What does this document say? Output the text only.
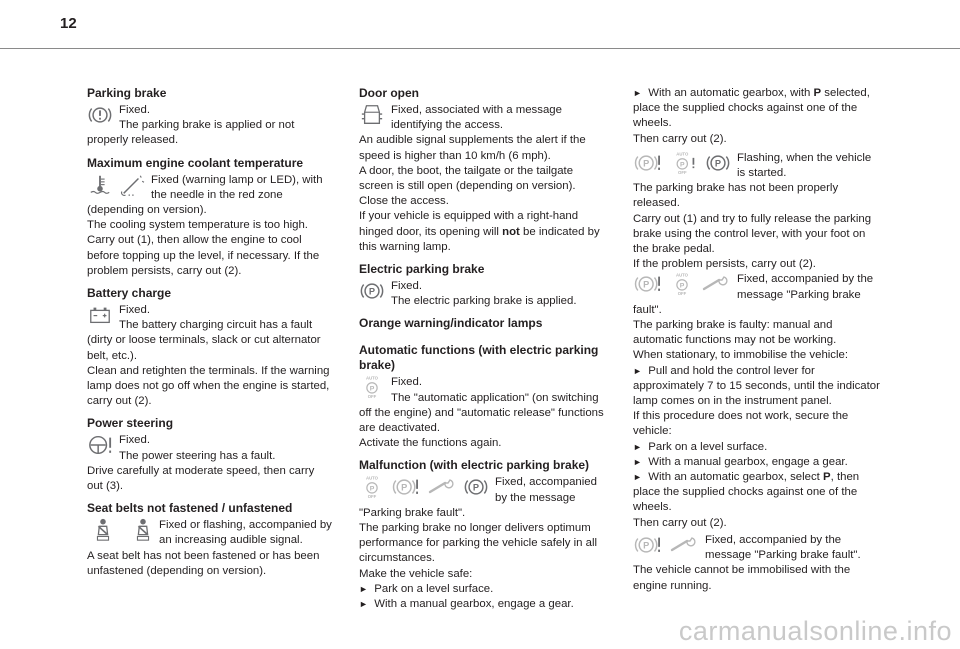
12
Parking brake
Fixed.
The parking brake is applied or not
properly released.
Maximum engine coolant temperature
Fixed (warning lamp or LED), with
the needle in the red zone
(depending on version).
The cooling system temperature is too high.
Carry out (1), then allow the engine to cool
before topping up the level, if necessary. If the
problem persists, carry out (2).
Battery charge
Fixed.
The battery charging circuit has a fault
(dirty or loose terminals, slack or cut alternator
belt, etc.).
Clean and retighten the terminals. If the warning
lamp does not go off when the engine is started,
carry out (2).
Power steering
Fixed.
The power steering has a fault.
Drive carefully at moderate speed, then carry
out (3).
Seat belts not fastened / unfastened
Fixed or flashing, accompanied by
an increasing audible signal.
A seat belt has not been fastened or has been
unfastened (depending on version).
Door open
Fixed, associated with a message
identifying the access.
An audible signal supplements the alert if the
speed is higher than 10 km/h (6 mph).
A door, the boot, the tailgate or the tailgate
screen is still open (depending on version).
Close the access.
If your vehicle is equipped with a right-hand
hinged door, its opening will not be indicated by
this warning lamp.
Electric parking brake
Fixed.
The electric parking brake is applied.
Orange warning/indicator lamps
Automatic functions (with electric parking
brake)
AUTO
P
OFF
Fixed.
The "automatic application" (on switching
off the engine) and "automatic release" functions
are deactivated.
Activate the functions again.
Malfunction (with electric parking brake)
AUTO
P
OFF
Fixed, accompanied
by the message
"Parking brake fault".
The parking brake no longer delivers optimum
performance for parking the vehicle safely in all
circumstances.
Make the vehicle safe:
► Park on a level surface.
► With a manual gearbox, engage a gear.
► With an automatic gearbox, with P selected,
place the supplied chocks against one of the
wheels.
Then carry out (2).
AUTO
P
OFF
Flashing, when the vehicle
is started.
The parking brake has not been properly
released.
Carry out (1) and try to fully release the parking
brake using the control lever, with your foot on
the brake pedal.
If the problem persists, carry out (2).
AUTO
P
OFF
Fixed, accompanied by the
message "Parking brake
fault".
The parking brake is faulty: manual and
automatic functions may not be working.
When stationary, to immobilise the vehicle:
► Pull and hold the control lever for
approximately 7 to 15 seconds, until the indicator
lamp comes on in the instrument panel.
If this procedure does not work, secure the
vehicle:
► Park on a level surface.
► With a manual gearbox, engage a gear.
► With an automatic gearbox, select P, then
place the supplied chocks against one of the
wheels.
Then carry out (2).
Fixed, accompanied by the
message "Parking brake fault".
The vehicle cannot be immobilised with the
engine running.
carmanualsonline.info
